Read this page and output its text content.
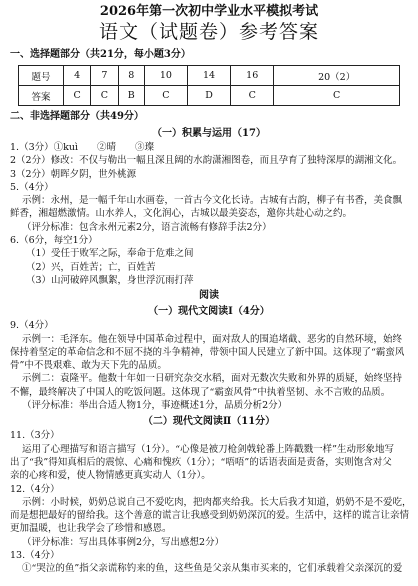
2026年第一次初中学业水平模拟考试
语文（试题卷）参考答案
一、选择题部分（共21分，每小题3分）
题号	4	7	8	10	14	16	20（2）
答案	C	C	B	C	D	C	C
二、非选择题部分（共49分）
（一）积累与运用（17）
1.（3分）①kuì　　②晴　　③璨
2（2分）修改：不仅与勒出一幅且深且阔的水韵潇湘图卷，而且孕育了独特深厚的湖湘文化。
3（2分）朝晖夕阴，世外桃源
5.（4分）
示例：永州，是一幅千年山水画卷，一首古今文化长诗。古城有古韵，柳子有书香，美食飘
鲜香，湘超燃激情。山水养人，文化润心，古城以最美姿态，邀你共赴心动之约。
（评分标准：包含永州元素2分，语言流畅有修辞手法2分）
6.（6分，每空1分）
（1）受任于败军之际，奉命于危难之间
（2）兴，百姓苦；亡，百姓苦
（3）山河破碎风飘絮，身世浮沉雨打萍
阅读
（一）现代文阅读Ⅰ（4分）
9.（4分）
示例一：毛泽东。他在领导中国革命过程中，面对敌人的围追堵截、恶劣的自然环境，始终
保持着坚定的革命信念和不屈不挠的斗争精神，带领中国人民建立了新中国。这体现了“霸蛮风
骨”中不畏艰难、敢为天下先的品质。
示例二：袁隆平。他数十年如一日研究杂交水稻，面对无数次失败和外界的质疑，始终坚持
不懈，最终解决了中国人的吃饭问题。这体现了“霸蛮风骨”中执着坚韧、永不言败的品质。
（评分标准：举出合适人物1分，事迹概述1分，品质分析2分）
（二）现代文阅读Ⅱ（11分）
11.（3分）
运用了心理描写和语言描写（1分）。“心像是被刀枪剑戟轮番上阵戳戮一样”生动形象地写
出了“我”得知真相后的震惊、心痛和愧疚（1分）；“唔唔”的话语表面是责备，实则饱含对父
亲的心疼和爱，使人物情感更真实动人（1分）。
12.（4分）
示例：小时候，奶奶总说自己不爱吃肉，把肉都夹给我。长大后我才知道，奶奶不是不爱吃，
而是想把最好的留给我。这个善意的谎言让我感受到奶奶深沉的爱。生活中，这样的谎言让亲情
更加温暖，也让我学会了珍惜和感恩。
（评分标准：写出具体事例2分，写出感想2分）
13.（4分）
①“哭泣的鱼”指父亲谎称钓来的鱼，这些鱼是父亲从集市买来的，它们承载着父亲深沉的爱
